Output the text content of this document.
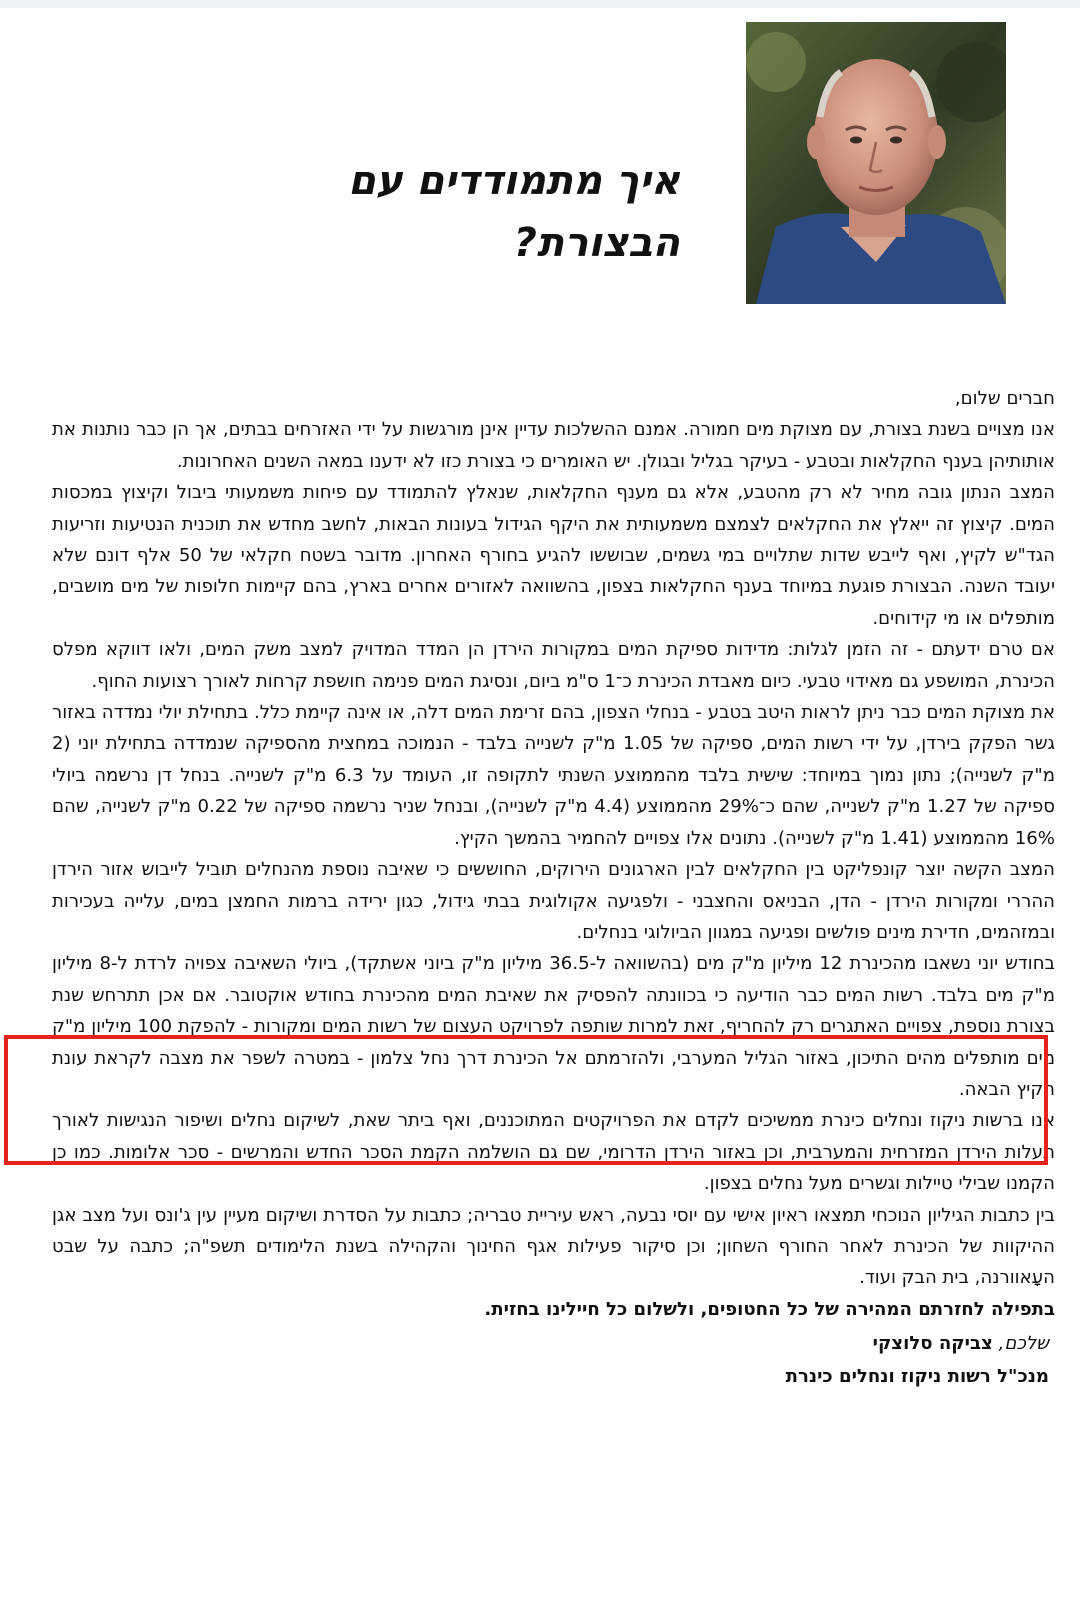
איך מתמודדים עם הבצורת?

חברים שלום,

אנו מצויים בשנת בצורת, עם מצוקת מים חמורה. אמנם ההשלכות עדיין אינן מורגשות על ידי האזרחים בבתים, אך הן כבר נותנות את אותותיהן בענף החקלאות ובטבע - בעיקר בגליל ובגולן. יש האומרים כי בצורת כזו לא ידענו במאה השנים האחרונות.

המצב הנתון גובה מחיר לא רק מהטבע, אלא גם מענף החקלאות, שנאלץ להתמודד עם פיחות משמעותי ביבול וקיצוץ במכסות המים. קיצוץ זה ייאלץ את החקלאים לצמצם משמעותית את היקף הגידול בעונות הבאות, לחשב מחדש את תוכנית הנטיעות וזריעות הגד"ש לקיץ, ואף לייבש שדות שתלויים במי גשמים, שבוששו להגיע בחורף האחרון. מדובר בשטח חקלאי של 50 אלף דונם שלא יעובד השנה. הבצורת פוגעת במיוחד בענף החקלאות בצפון, בהשוואה לאזורים אחרים בארץ, בהם קיימות חלופות של מים מושבים, מותפלים או מי קידוחים.

אם טרם ידעתם - זה הזמן לגלות: מדידות ספיקת המים במקורות הירדן הן המדד המדויק למצב משק המים, ולאו דווקא מפלס הכינרת, המושפע גם מאידוי טבעי. כיום מאבדת הכינרת כ־1 ס"מ ביום, ונסיגת המים פנימה חושפת קרחות לאורך רצועות החוף.

את מצוקת המים כבר ניתן לראות היטב בטבע - בנחלי הצפון, בהם זרימת המים דלה, או אינה קיימת כלל. בתחילת יולי נמדדה באזור גשר הפקק בירדן, על ידי רשות המים, ספיקה של 1.05 מ"ק לשנייה בלבד - הנמוכה במחצית מהספיקה שנמדדה בתחילת יוני (2 מ"ק לשנייה); נתון נמוך במיוחד: שישית בלבד מהממוצע השנתי לתקופה זו, העומד על 6.3 מ"ק לשנייה. בנחל דן נרשמה ביולי ספיקה של 1.27 מ"ק לשנייה, שהם כ־29% מהממוצע (4.4 מ"ק לשנייה), ובנחל שניר נרשמה ספיקה של 0.22 מ"ק לשנייה, שהם 16% מהממוצע (1.41 מ"ק לשנייה). נתונים אלו צפויים להחמיר בהמשך הקיץ.

המצב הקשה יוצר קונפליקט בין החקלאים לבין הארגונים הירוקים, החוששים כי שאיבה נוספת מהנחלים תוביל לייבוש אזור הירדן ההררי ומקורות הירדן - הדן, הבניאס והחצבני - ולפגיעה אקולוגית בבתי גידול, כגון ירידה ברמות החמצן במים, עלייה בעכירות ובמזהמים, חדירת מינים פולשים ופגיעה במגוון הביולוגי בנחלים.

בחודש יוני נשאבו מהכינרת 12 מיליון מ"ק מים (בהשוואה ל-36.5 מיליון מ"ק ביוני אשתקד), ביולי השאיבה צפויה לרדת ל-8 מיליון מ"ק מים בלבד. רשות המים כבר הודיעה כי בכוונתה להפסיק את שאיבת המים מהכינרת בחודש אוקטובר. אם אכן תתרחש שנת בצורת נוספת, צפויים האתגרים רק להחריף, זאת למרות שותפה לפרויקט העצום של רשות המים ומקורות - להפקת 100 מיליון מ"ק מים מותפלים מהים התיכון, באזור הגליל המערבי, ולהזרמתם אל הכינרת דרך נחל צלמון - במטרה לשפר את מצבה לקראת עונת הקיץ הבאה.

אנו ברשות ניקוז ונחלים כינרת ממשיכים לקדם את הפרויקטים המתוכננים, ואף ביתר שאת, לשיקום נחלים ושיפור הנגישות לאורך תעלות הירדן המזרחית והמערבית, וכן באזור הירדן הדרומי, שם גם הושלמה הקמת הסכר החדש והמרשים - סכר אלומות. כמו כן הקמנו שבילי טיילות וגשרים מעל נחלים בצפון.

בין כתבות הגיליון הנוכחי תמצאו ראיון אישי עם יוסי נבעה, ראש עיריית טבריה; כתבות על הסדרת ושיקום מעיין עין ג'ונס ועל מצב אגן ההיקוות של הכינרת לאחר החורף השחון; וכן סיקור פעילות אגף החינוך והקהילה בשנת הלימודים תשפ"ה; כתבה על שבט העָאוורנה, בית הבק ועוד.

בתפילה לחזרתם המהירה של כל החטופים, ולשלום כל חיילינו בחזית.

שלכם, צביקה סלוצקי
מנכ"ל רשות ניקוז ונחלים כינרת
